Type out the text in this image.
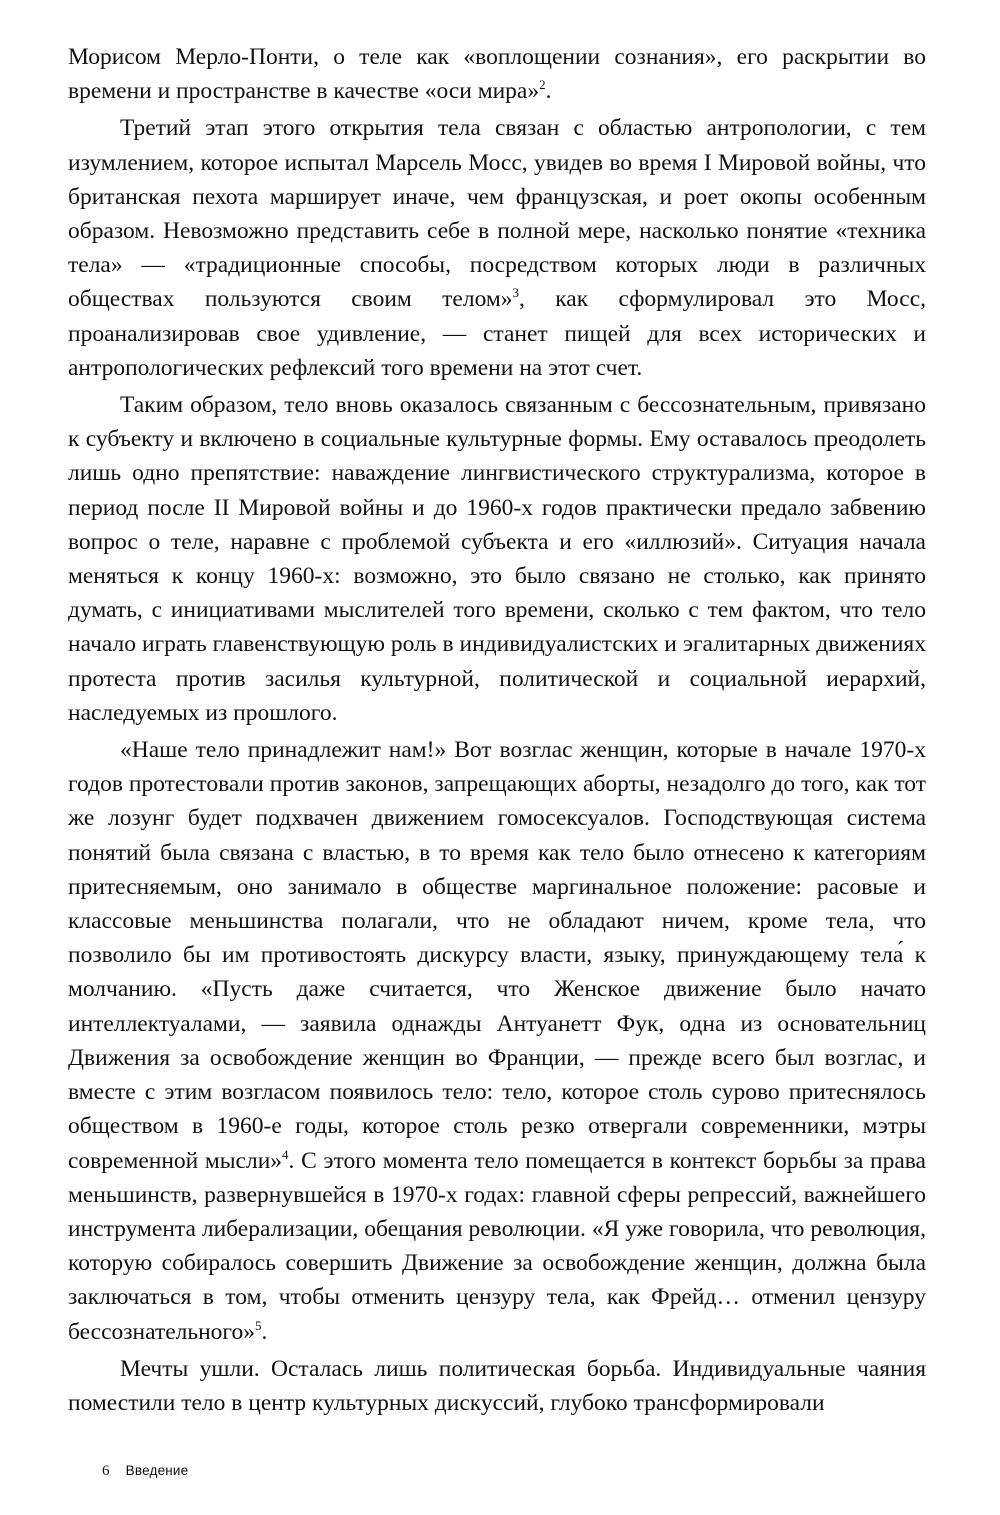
Морисом Мерло-Понти, о теле как «воплощении сознания», его раскрытии во времени и пространстве в качестве «оси мира»$^2$.

Третий этап этого открытия тела связан с областью антропологии, с тем изумлением, которое испытал Марсель Мосс, увидев во время I Мировой войны, что британская пехота марширует иначе, чем французская, и роет окопы особенным образом. Невозможно представить себе в полной мере, насколько понятие «техника тела» — «традиционные способы, посредством которых люди в различных обществах пользуются своим телом»$^3$, как сформулировал это Мосс, проанализировав свое удивление, — станет пищей для всех исторических и антропологических рефлексий того времени на этот счет.

Таким образом, тело вновь оказалось связанным с бессознательным, привязано к субъекту и включено в социальные культурные формы. Ему оставалось преодолеть лишь одно препятствие: наваждение лингвистического структурализма, которое в период после II Мировой войны и до 1960-х годов практически предало забвению вопрос о теле, наравне с проблемой субъекта и его «иллюзий». Ситуация начала меняться к концу 1960-х: возможно, это было связано не столько, как принято думать, с инициативами мыслителей того времени, сколько с тем фактом, что тело начало играть главенствующую роль в индивидуалистских и эгалитарных движениях протеста против засилья культурной, политической и социальной иерархий, наследуемых из прошлого.

«Наше тело принадлежит нам!» Вот возглас женщин, которые в начале 1970-х годов протестовали против законов, запрещающих аборты, незадолго до того, как тот же лозунг будет подхвачен движением гомосексуалов. Господствующая система понятий была связана с властью, в то время как тело было отнесено к категориям притесняемым, оно занимало в обществе маргинальное положение: расовые и классовые меньшинства полагали, что не обладают ничем, кроме тела, что позволило бы им противостоять дискурсу власти, языку, принуждающему тела́ к молчанию. «Пусть даже считается, что Женское движение было начато интеллектуалами, — заявила однажды Антуанетт Фук, одна из основательниц Движения за освобождение женщин во Франции, — прежде всего был возглас, и вместе с этим возгласом появилось тело: тело, которое столь сурово притеснялось обществом в 1960-е годы, которое столь резко отвергали современники, мэтры современной мысли»$^4$. С этого момента тело помещается в контекст борьбы за права меньшинств, развернувшейся в 1970-х годах: главной сферы репрессий, важнейшего инструмента либерализации, обещания революции. «Я уже говорила, что революция, которую собиралось совершить Движение за освобождение женщин, должна была заключаться в том, чтобы отменить цензуру тела, как Фрейд… отменил цензуру бессознательного»$^5$.

Мечты ушли. Осталась лишь политическая борьба. Индивидуальные чаяния поместили тело в центр культурных дискуссий, глубоко трансформировали

6 Введение
